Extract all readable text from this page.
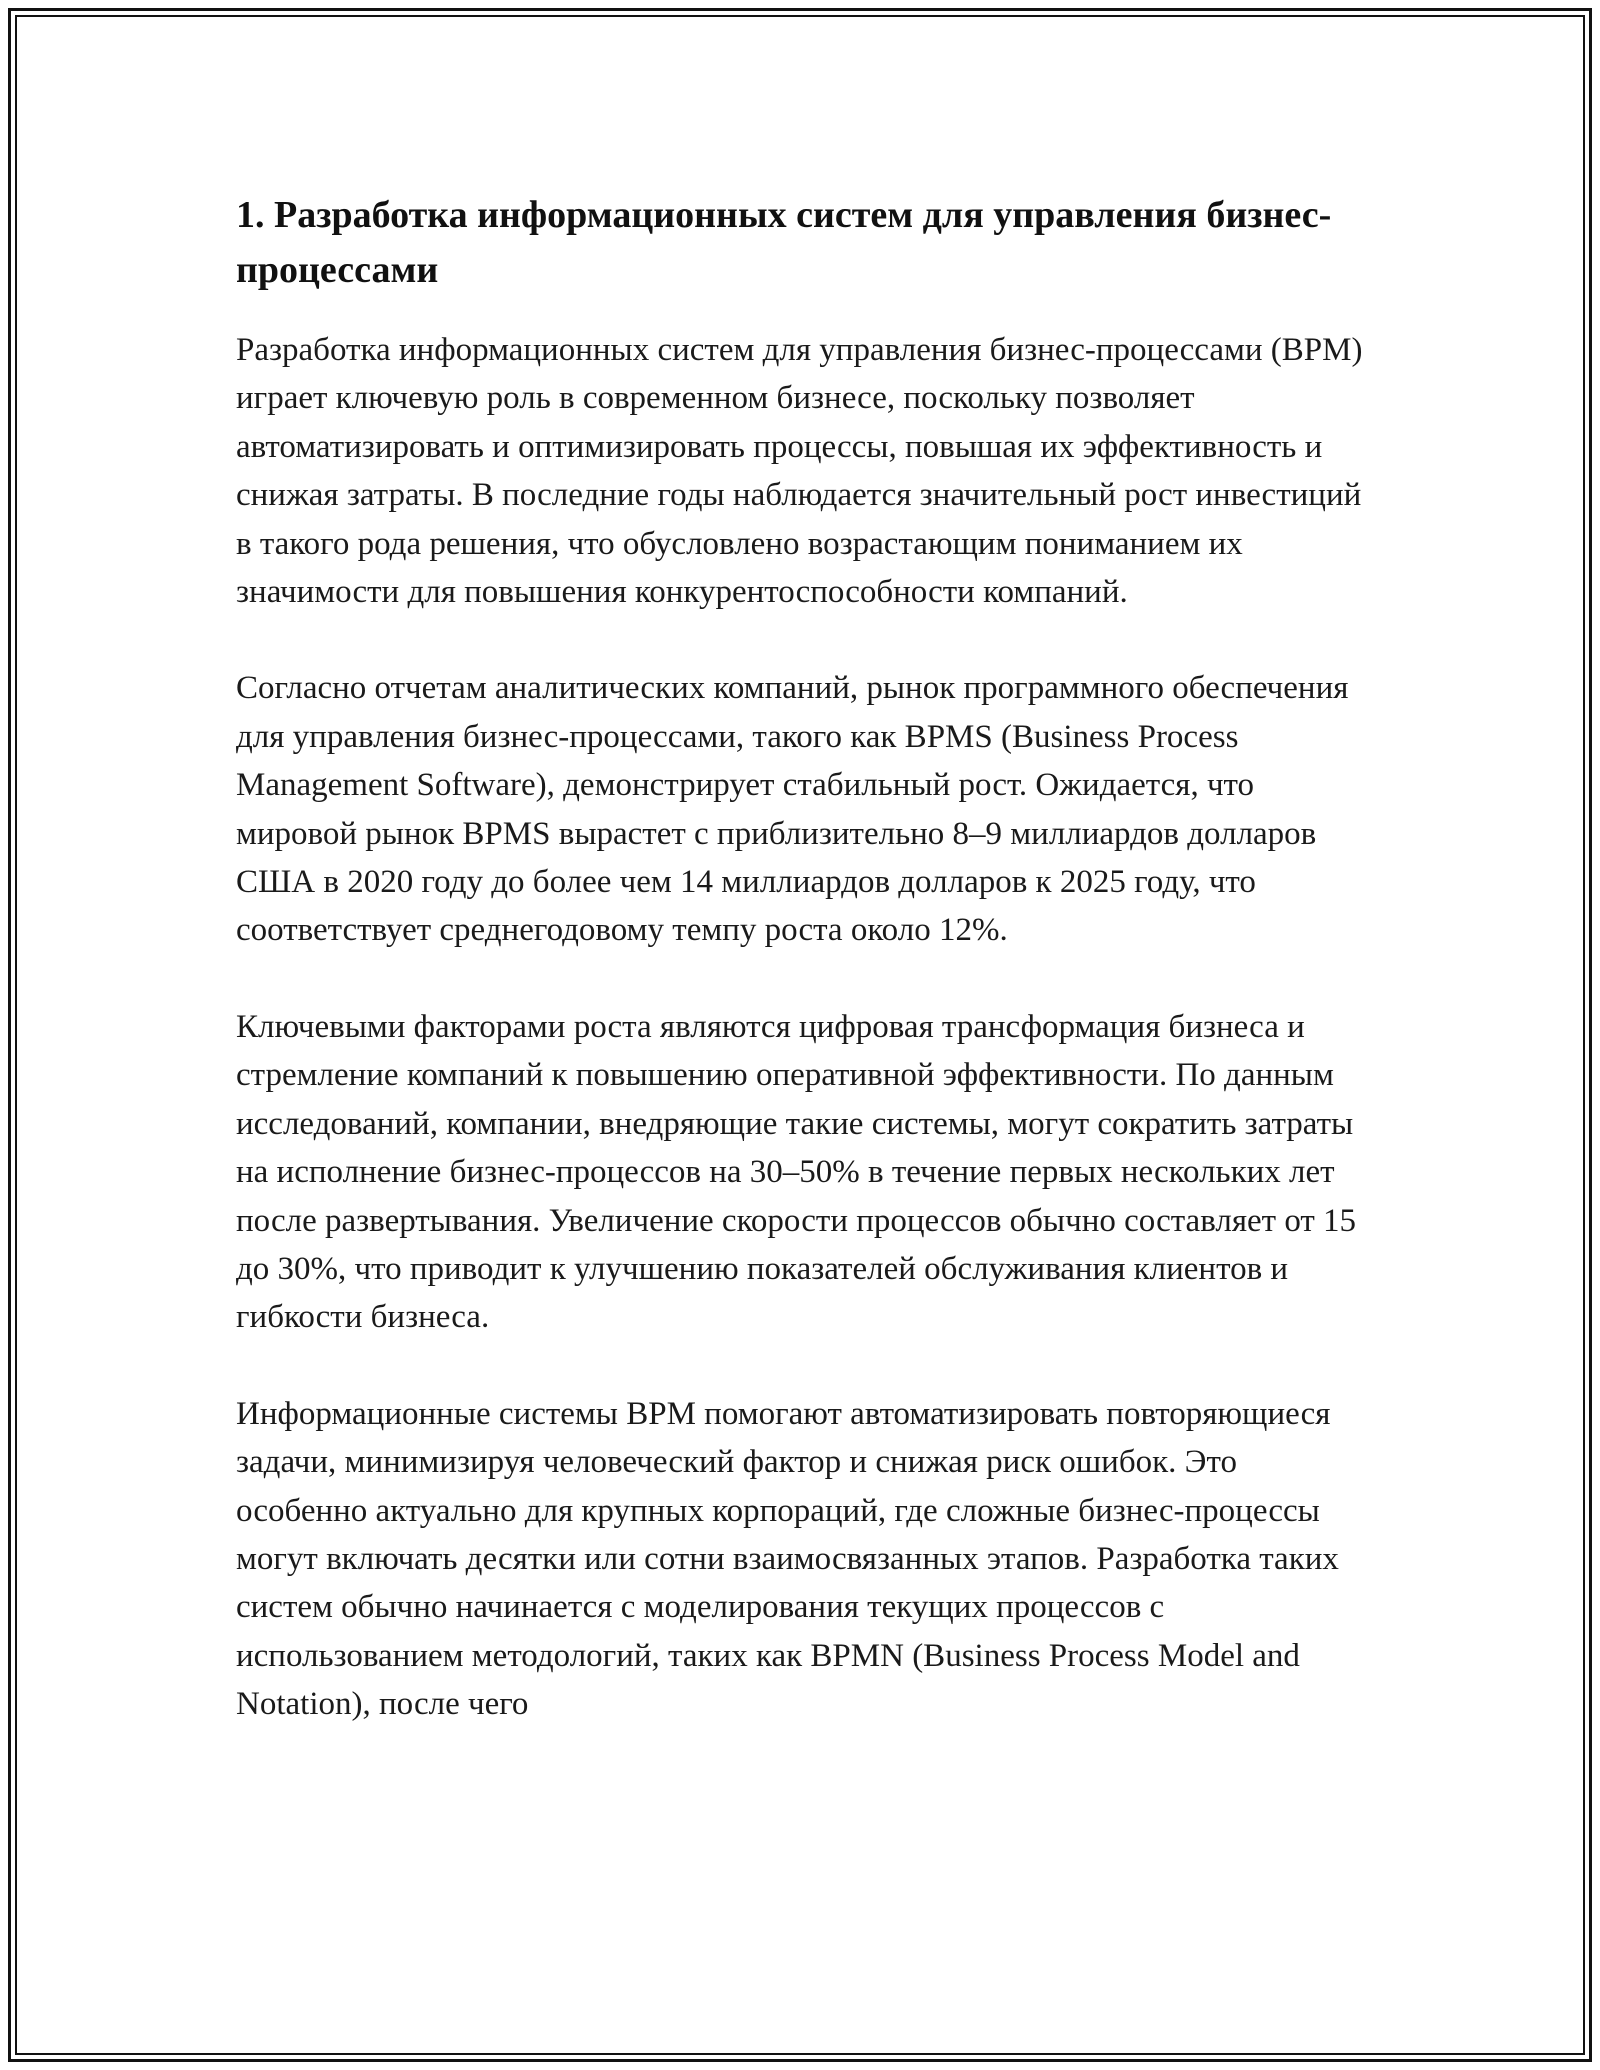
1. Разработка информационных систем для управления бизнес-процессами

Разработка информационных систем для управления бизнес-процессами (BPM) играет ключевую роль в современном бизнесе, поскольку позволяет автоматизировать и оптимизировать процессы, повышая их эффективность и снижая затраты. В последние годы наблюдается значительный рост инвестиций в такого рода решения, что обусловлено возрастающим пониманием их значимости для повышения конкурентоспособности компаний.

Согласно отчетам аналитических компаний, рынок программного обеспечения для управления бизнес-процессами, такого как BPMS (Business Process Management Software), демонстрирует стабильный рост. Ожидается, что мировой рынок BPMS вырастет с приблизительно 8–9 миллиардов долларов США в 2020 году до более чем 14 миллиардов долларов к 2025 году, что соответствует среднегодовому темпу роста около 12%.

Ключевыми факторами роста являются цифровая трансформация бизнеса и стремление компаний к повышению оперативной эффективности. По данным исследований, компании, внедряющие такие системы, могут сократить затраты на исполнение бизнес-процессов на 30–50% в течение первых нескольких лет после развертывания. Увеличение скорости процессов обычно составляет от 15 до 30%, что приводит к улучшению показателей обслуживания клиентов и гибкости бизнеса.

Информационные системы BPM помогают автоматизировать повторяющиеся задачи, минимизируя человеческий фактор и снижая риск ошибок. Это особенно актуально для крупных корпораций, где сложные бизнес-процессы могут включать десятки или сотни взаимосвязанных этапов. Разработка таких систем обычно начинается с моделирования текущих процессов с использованием методологий, таких как BPMN (Business Process Model and Notation), после чего
